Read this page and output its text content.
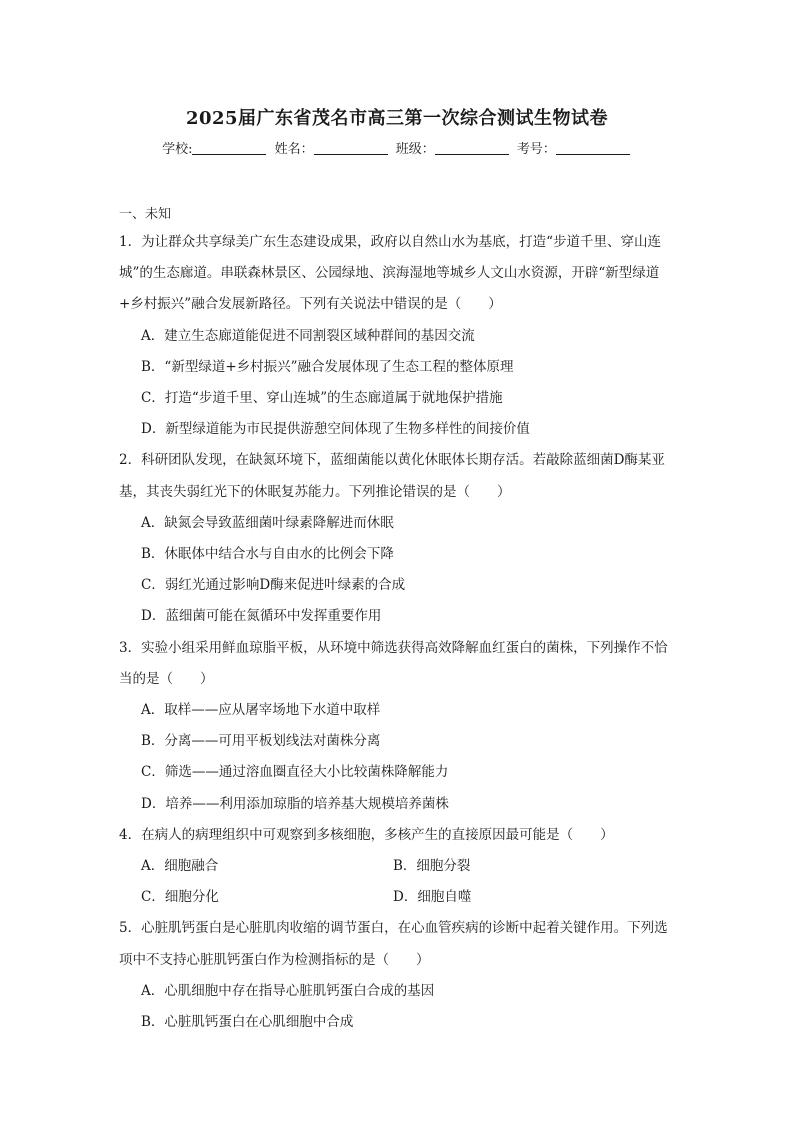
2025届广东省茂名市高三第一次综合测试生物试卷
学校:	姓名：	班级：	考号：
一、未知
1．为让群众共享绿美广东生态建设成果，政府以自然山水为基底，打造“步道千里、穿山连城”的生态廊道。串联森林景区、公园绿地、滨海湿地等城乡人文山水资源，开辟“新型绿道+乡村振兴”融合发展新路径。下列有关说法中错误的是（　　）
A．建立生态廊道能促进不同割裂区域种群间的基因交流
B．“新型绿道+乡村振兴”融合发展体现了生态工程的整体原理
C．打造“步道千里、穿山连城”的生态廊道属于就地保护措施
D．新型绿道能为市民提供游憩空间体现了生物多样性的间接价值
2．科研团队发现，在缺氮环境下，蓝细菌能以黄化休眠体长期存活。若敲除蓝细菌D酶某亚基，其丧失弱红光下的休眠复苏能力。下列推论错误的是（　　）
A．缺氮会导致蓝细菌叶绿素降解进而休眠
B．休眠体中结合水与自由水的比例会下降
C．弱红光通过影响D酶来促进叶绿素的合成
D．蓝细菌可能在氮循环中发挥重要作用
3．实验小组采用鲜血琼脂平板，从环境中筛选获得高效降解血红蛋白的菌株，下列操作不恰当的是（　　）
A．取样——应从屠宰场地下水道中取样
B．分离——可用平板划线法对菌株分离
C．筛选——通过溶血圈直径大小比较菌株降解能力
D．培养——利用添加琼脂的培养基大规模培养菌株
4．在病人的病理组织中可观察到多核细胞，多核产生的直接原因最可能是（　　）
A．细胞融合	B．细胞分裂
C．细胞分化	D．细胞自噬
5．心脏肌钙蛋白是心脏肌肉收缩的调节蛋白，在心血管疾病的诊断中起着关键作用。下列选项中不支持心脏肌钙蛋白作为检测指标的是（　　）
A．心肌细胞中存在指导心脏肌钙蛋白合成的基因
B．心脏肌钙蛋白在心肌细胞中合成
